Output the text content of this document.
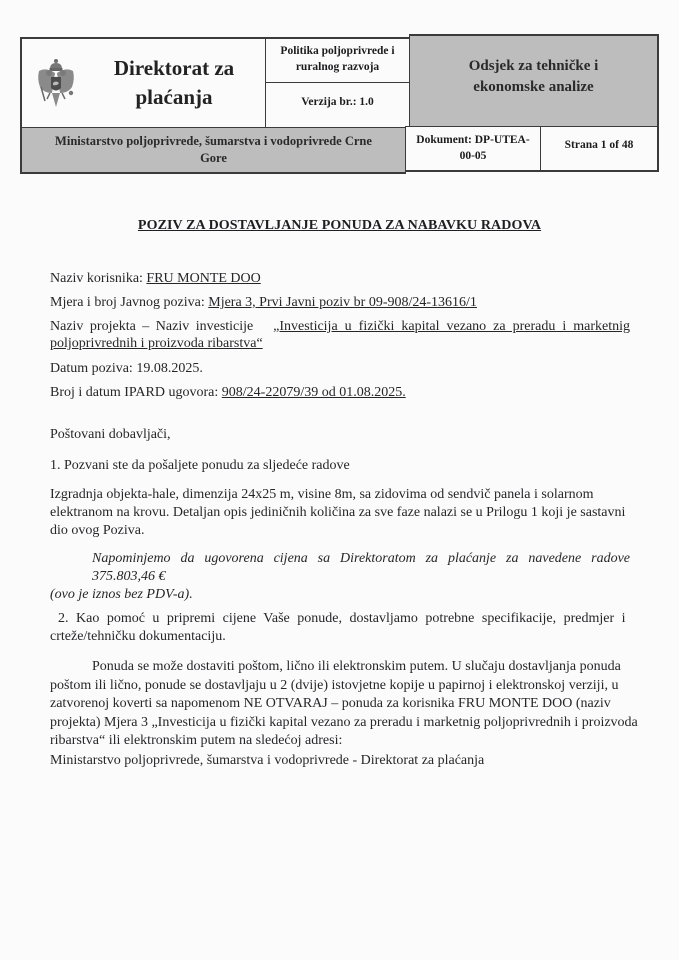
Direktorat za
plaćanja
Politika poljoprivrede i
ruralnog razvoja
Verzija br.: 1.0
Odsjek za tehničke i
ekonomske analize
Ministarstvo poljoprivrede, šumarstva i vodoprivrede Crne
Gore
Dokument: DP-UTEA-
00-05
Strana 1 of 48
POZIV ZA DOSTAVLJANJE PONUDA ZA NABAVKU RADOVA
Naziv korisnika: FRU MONTE DOO
Mjera i broj Javnog poziva: Mjera 3, Prvi Javni poziv br 09-908/24-13616/1
Naziv projekta – Naziv investicije „Investicija u fizički kapital vezano za preradu i marketnig
poljoprivrednih i proizvoda ribarstva“
Datum poziva: 19.08.2025.
Broj i datum IPARD ugovora: 908/24-22079/39 od 01.08.2025.
Poštovani dobavljači,
1. Pozvani ste da pošaljete ponudu za sljedeće radove
Izgradnja objekta-hale, dimenzija 24x25 m, visine 8m, sa zidovima od sendvič panela i solarnom
elektranom na krovu. Detaljan opis jediničnih količina za sve faze nalazi se u Prilogu 1 koji je sastavni
dio ovog Poziva.
Napominjemo da ugovorena cijena sa Direktoratom za plaćanje za navedene radove 375.803,46 €
(ovo je iznos bez PDV-a).
2. Kao pomoć u pripremi cijene Vaše ponude, dostavljamo potrebne specifikacije, predmjer i
crteže/tehničku dokumentaciju.
Ponuda se može dostaviti poštom, lično ili elektronskim putem. U slučaju dostavljanja ponuda
poštom ili lično, ponude se dostavljaju u 2 (dvije) istovjetne kopije u papirnoj i elektronskoj verziji, u
zatvorenoj koverti sa napomenom NE OTVARAJ – ponuda za korisnika FRU MONTE DOO (naziv
projekta) Mjera 3 „Investicija u fizički kapital vezano za preradu i marketnig poljoprivrednih i proizvoda
ribarstva“ ili elektronskim putem na sledećoj adresi:
Ministarstvo poljoprivrede, šumarstva i vodoprivrede - Direktorat za plaćanja
